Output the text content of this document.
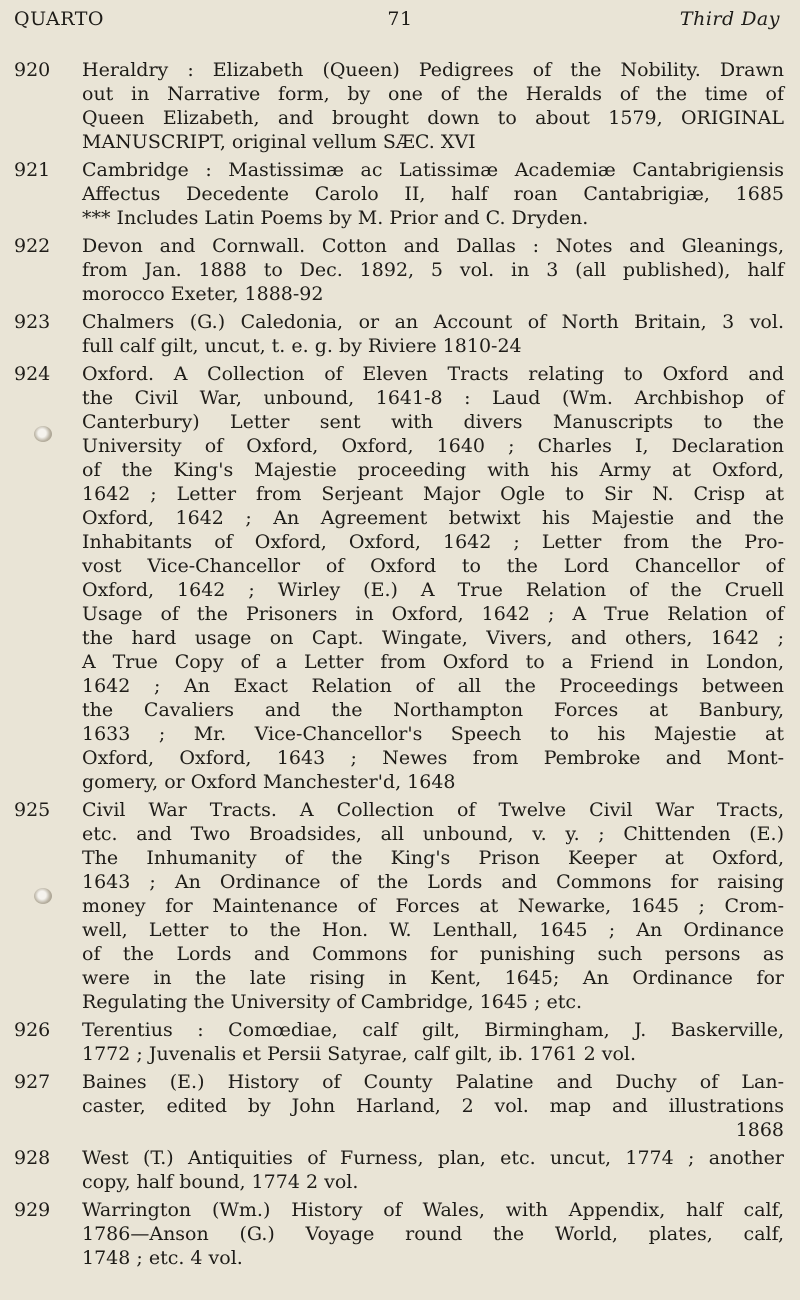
QUARTO	71	Third Day
920	Heraldry : Elizabeth (Queen) Pedigrees of the Nobility. Drawn
out in Narrative form, by one of the Heralds of the time of
Queen Elizabeth, and brought down to about 1579, ORIGINAL
MANUSCRIPT, original vellum SÆC. XVI
921	Cambridge : Mastissimæ ac Latissimæ Academiæ Cantabrigiensis
Affectus Decedente Carolo II, half roan Cantabrigiæ, 1685
*** Includes Latin Poems by M. Prior and C. Dryden.
922	Devon and Cornwall. Cotton and Dallas : Notes and Gleanings,
from Jan. 1888 to Dec. 1892, 5 vol. in 3 (all published), half
morocco Exeter, 1888-92
923	Chalmers (G.) Caledonia, or an Account of North Britain, 3 vol.
full calf gilt, uncut, t. e. g. by Riviere 1810-24
924	Oxford. A Collection of Eleven Tracts relating to Oxford and
the Civil War, unbound, 1641-8 : Laud (Wm. Archbishop of
Canterbury) Letter sent with divers Manuscripts to the
University of Oxford, Oxford, 1640 ; Charles I, Declaration
of the King's Majestie proceeding with his Army at Oxford,
1642 ; Letter from Serjeant Major Ogle to Sir N. Crisp at
Oxford, 1642 ; An Agreement betwixt his Majestie and the
Inhabitants of Oxford, Oxford, 1642 ; Letter from the Pro-
vost Vice-Chancellor of Oxford to the Lord Chancellor of
Oxford, 1642 ; Wirley (E.) A True Relation of the Cruell
Usage of the Prisoners in Oxford, 1642 ; A True Relation of
the hard usage on Capt. Wingate, Vivers, and others, 1642 ;
A True Copy of a Letter from Oxford to a Friend in London,
1642 ; An Exact Relation of all the Proceedings between
the Cavaliers and the Northampton Forces at Banbury,
1633 ; Mr. Vice-Chancellor's Speech to his Majestie at
Oxford, Oxford, 1643 ; Newes from Pembroke and Mont-
gomery, or Oxford Manchester'd, 1648
925	Civil War Tracts. A Collection of Twelve Civil War Tracts,
etc. and Two Broadsides, all unbound, v. y. ; Chittenden (E.)
The Inhumanity of the King's Prison Keeper at Oxford,
1643 ; An Ordinance of the Lords and Commons for raising
money for Maintenance of Forces at Newarke, 1645 ; Crom-
well, Letter to the Hon. W. Lenthall, 1645 ; An Ordinance
of the Lords and Commons for punishing such persons as
were in the late rising in Kent, 1645; An Ordinance for
Regulating the University of Cambridge, 1645 ; etc.
926	Terentius : Comœdiae, calf gilt, Birmingham, J. Baskerville,
1772 ; Juvenalis et Persii Satyrae, calf gilt, ib. 1761 2 vol.
927	Baines (E.) History of County Palatine and Duchy of Lan-
caster, edited by John Harland, 2 vol. map and illustrations
1868
928	West (T.) Antiquities of Furness, plan, etc. uncut, 1774 ; another
copy, half bound, 1774 2 vol.
929	Warrington (Wm.) History of Wales, with Appendix, half calf,
1786—Anson (G.) Voyage round the World, plates, calf,
1748 ; etc. 4 vol.
